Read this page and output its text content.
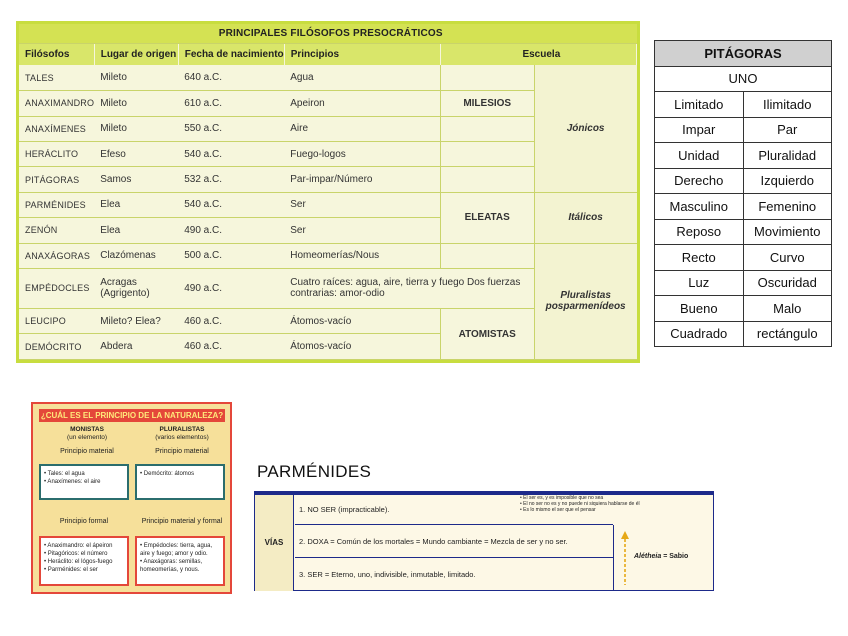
PRINCIPALES FILÓSOFOS PRESOCRÁTICOS					
Filósofos	Lugar de origen	Fecha de nacimiento	Principios	Escuela	
TALES	Mileto	640 a.C.	Agua		Jónicos
ANAXIMANDRO	Mileto	610 a.C.	Apeiron	MILESIOS	
ANAXÍMENES	Mileto	550 a.C.	Aire		
HERÁCLITO	Efeso	540 a.C.	Fuego-logos		
PITÁGORAS	Samos	532 a.C.	Par-impar/Número		
PARMÉNIDES	Elea	540 a.C.	Ser	ELEATAS	Itálicos
ZENÓN	Elea	490 a.C.	Ser		
ANAXÁGORAS	Clazómenas	500 a.C.	Homeomerías/Nous		Pluralistas posparmenídeos
EMPÉDOCLES	Acragas (Agrigento)	490 a.C.	Cuatro raíces: agua, aire, tierra y fuego Dos fuerzas contrarias: amor-odio		
LEUCIPO	Mileto? Elea?	460 a.C.	Átomos-vacío	ATOMISTAS	
DEMÓCRITO	Abdera	460 a.C.	Átomos-vacío		
PITÁGORAS	
UNO	
Limitado	Ilimitado
Impar	Par
Unidad	Pluralidad
Derecho	Izquierdo
Masculino	Femenino
Reposo	Movimiento
Recto	Curvo
Luz	Oscuridad
Bueno	Malo
Cuadrado	rectángulo
¿CUÁL ES EL PRINCIPIO DE LA NATURALEZA?
MONISTAS
(un elemento)
PLURALISTAS
(varios elementos)
Principio material	Principio material
• Tales: el agua
• Anaxímenes: el aire
• Demócrito: átomos
Principio formal	Principio material y formal
• Anaximandro: el ápeiron
• Pitagóricos: el número
• Heráclito: el lógos-fuego
• Parménides: el ser
• Empédocles: tierra, agua,
aire y fuego; amor y odio.
• Anaxágoras: semillas,
homeomerías, y nous.
PARMÉNIDES
VÍAS
• El ser es, y es imposible que no sea
• El no ser no es y no puede ni siquiera hablarse de él
• Es lo mismo el ser que el pensar
1. NO SER (impracticable).
2. DOXA = Común de los mortales = Mundo cambiante = Mezcla de ser y no ser.
3. SER = Eterno, uno, indivisible, inmutable, limitado.
Alétheia = Sabio
